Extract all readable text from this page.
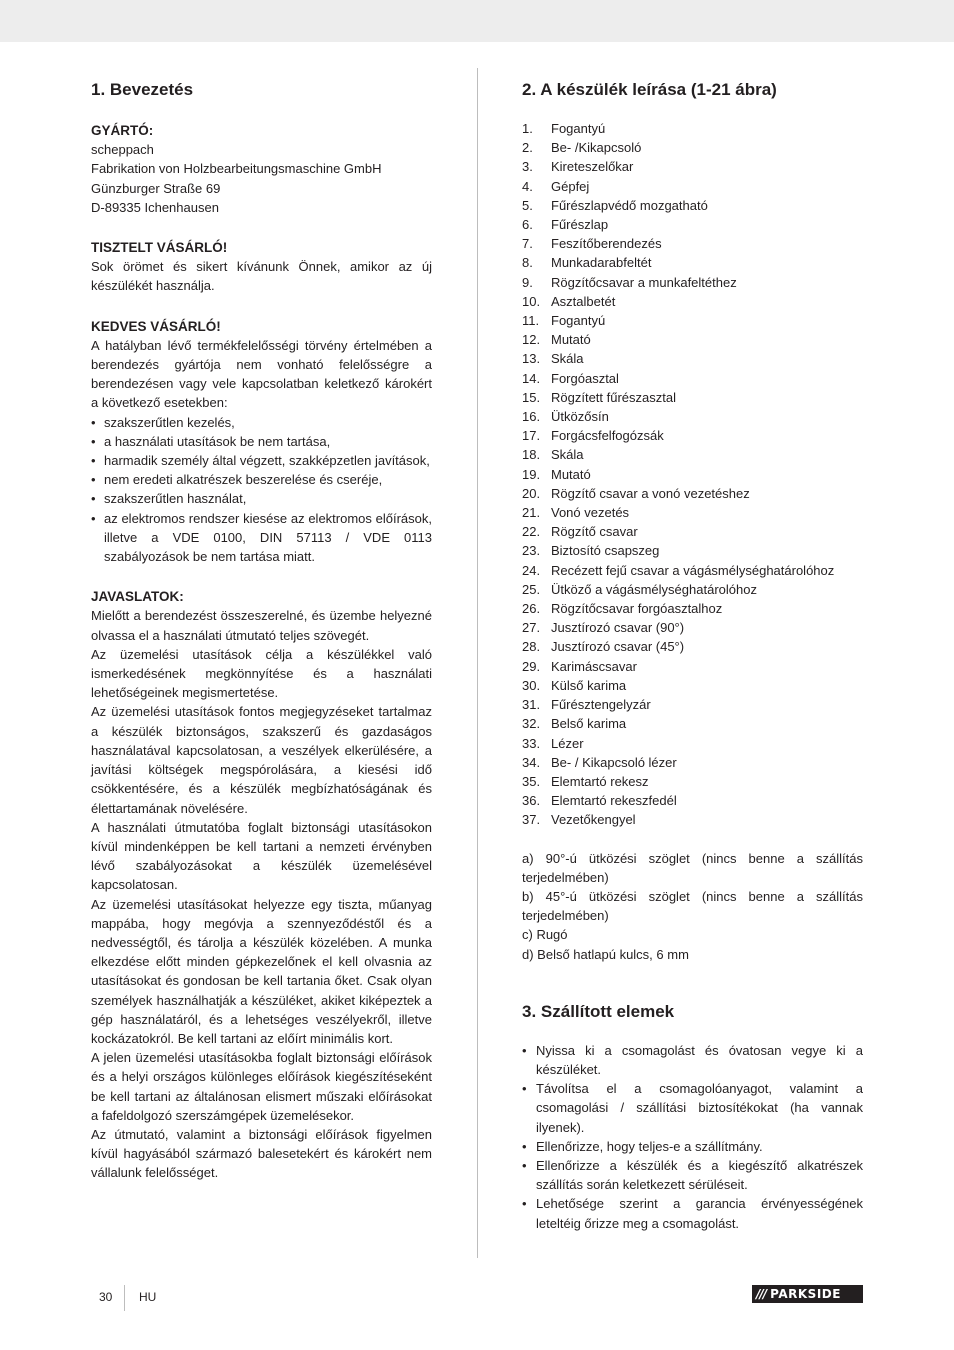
1. Bevezetés
GYÁRTÓ:

scheppach

Fabrikation von Holzbearbeitungsmaschine GmbH

Günzburger Straße 69

D-89335 Ichenhausen

TISZTELT VÁSÁRLÓ!

Sok örömet és sikert kívánunk Önnek, amikor az új készülékét használja.

KEDVES VÁSÁRLÓ!

A hatályban lévő termékfelelősségi törvény értelmében a berendezés gyártója nem vonható felelősségre a berendezésen vagy vele kapcsolatban keletkező károkért a következő esetekben:

• szakszerűtlen kezelés,
• a használati utasítások be nem tartása,
• harmadik személy által végzett, szakképzetlen javítások,
• nem eredeti alkatrészek beszerelése és cseréje,
• szakszerűtlen használat,
• az elektromos rendszer kiesése az elektromos előírások, illetve a VDE 0100, DIN 57113 / VDE 0113 szabályozások be nem tartása miatt.
JAVASLATOK:

Mielőtt a berendezést összeszerelné, és üzembe helyezné olvassa el a használati útmutató teljes szövegét.

Az üzemelési utasítások célja a készülékkel való ismerkedésének megkönnyítése és a használati lehetőségeinek megismertetése.

Az üzemelési utasítások fontos megjegyzéseket tartalmaz a készülék biztonságos, szakszerű és gazdaságos használatával kapcsolatosan, a veszélyek elkerülésére, a javítási költségek megspórolására, a kiesési idő csökkentésére, és a készülék megbízhatóságának és élettartamának növelésére.

A használati útmutatóba foglalt biztonsági utasításokon kívül mindenképpen be kell tartani a nemzeti érvényben lévő szabályozásokat a készülék üzemelésével kapcsolatosan.

Az üzemelési utasításokat helyezze egy tiszta, műanyag mappába, hogy megóvja a szennyeződéstől és a nedvességtől, és tárolja a készülék közelében. A munka elkezdése előtt minden gépkezelőnek el kell olvasnia az utasításokat és gondosan be kell tartania őket. Csak olyan személyek használhatják a készüléket, akiket kiképeztek a gép használatáról, és a lehetséges veszélyekről, illetve kockázatokról. Be kell tartani az előírt minimális kort.

A jelen üzemelési utasításokba foglalt biztonsági előírások és a helyi országos különleges előírások kiegészítéseként be kell tartani az általánosan elismert műszaki előírásokat a fafeldolgozó szerszámgépek üzemelésekor.

Az útmutató, valamint a biztonsági előírások figyelmen kívül hagyásából származó balesetekért és károkért nem vállalunk felelősséget.

2. A készülék leírása (1-21 ábra)
1. Fogantyú
2. Be- /Kikapcsoló
3. Kireteszelőkar
4. Gépfej
5. Fűrészlapvédő mozgatható
6. Fűrészlap
7. Feszítőberendezés
8. Munkadarabfeltét
9. Rögzítőcsavar a munkafeltéthez
10. Asztalbetét
11. Fogantyú
12. Mutató
13. Skála
14. Forgóasztal
15. Rögzített fűrészasztal
16. Ütközősín
17. Forgácsfelfogózsák
18. Skála
19. Mutató
20. Rögzítő csavar a vonó vezetéshez
21. Vonó vezetés
22. Rögzítő csavar
23. Biztosító csapszeg
24. Recézett fejű csavar a vágásmélységhatárolóhoz
25. Ütköző a vágásmélységhatárolóhoz
26. Rögzítőcsavar forgóasztalhoz
27. Jusztírozó csavar (90°)
28. Jusztírozó csavar (45°)
29. Karimáscsavar
30. Külső karima
31. Fűrésztengelyzár
32. Belső karima
33. Lézer
34. Be- / Kikapcsoló lézer
35. Elemtartó rekesz
36. Elemtartó rekeszfedél
37. Vezetőkengyel

a) 90°-ú ütközési szöglet (nincs benne a szállítás terjedelmében)

b) 45°-ú ütközési szöglet (nincs benne a szállítás terjedelmében)

c) Rugó

d) Belső hatlapú kulcs, 6 mm

3. Szállított elemek
• Nyissa ki a csomagolást és óvatosan vegye ki a készüléket.
• Távolítsa el a csomagolóanyagot, valamint a csomagolási / szállítási biztosítékokat (ha vannak ilyenek).
• Ellenőrizze, hogy teljes-e a szállítmány.
• Ellenőrizze a készülék és a kiegészítő alkatrészek szállítás során keletkezett sérüléseit.
• Lehetősége szerint a garancia érvényességének leteltéig őrizze meg a csomagolást.
30 HU	/// PARKSIDE
